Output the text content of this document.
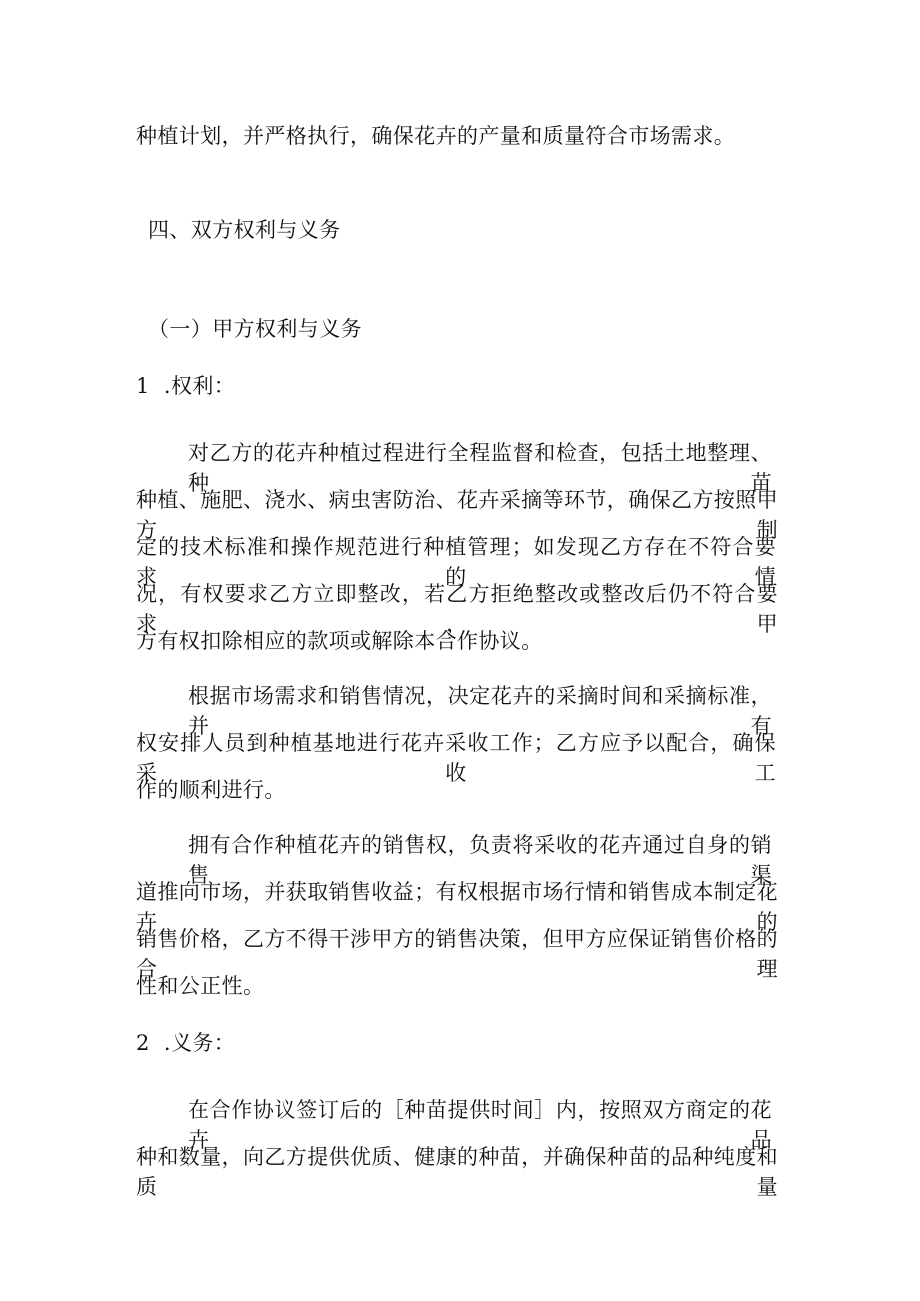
种植计划，并严格执行，确保花卉的产量和质量符合市场需求。
四、双方权利与义务
（一）甲方权利与义务
1  .权利：
对乙方的花卉种植过程进行全程监督和检查，包括土地整理、种苗
种植、施肥、浇水、病虫害防治、花卉采摘等环节，确保乙方按照甲方制
定的技术标准和操作规范进行种植管理；如发现乙方存在不符合要求的情
况，有权要求乙方立即整改，若乙方拒绝整改或整改后仍不符合要求，甲
方有权扣除相应的款项或解除本合作协议。
根据市场需求和销售情况，决定花卉的采摘时间和采摘标准，并有
权安排人员到种植基地进行花卉采收工作；乙方应予以配合，确保采收工
作的顺利进行。
拥有合作种植花卉的销售权，负责将采收的花卉通过自身的销售渠
道推向市场，并获取销售收益；有权根据市场行情和销售成本制定花卉的
销售价格，乙方不得干涉甲方的销售决策，但甲方应保证销售价格的合理
性和公正性。
2  .义务：
在合作协议签订后的［种苗提供时间］内，按照双方商定的花卉品
种和数量，向乙方提供优质、健康的种苗，并确保种苗的品种纯度和质量
